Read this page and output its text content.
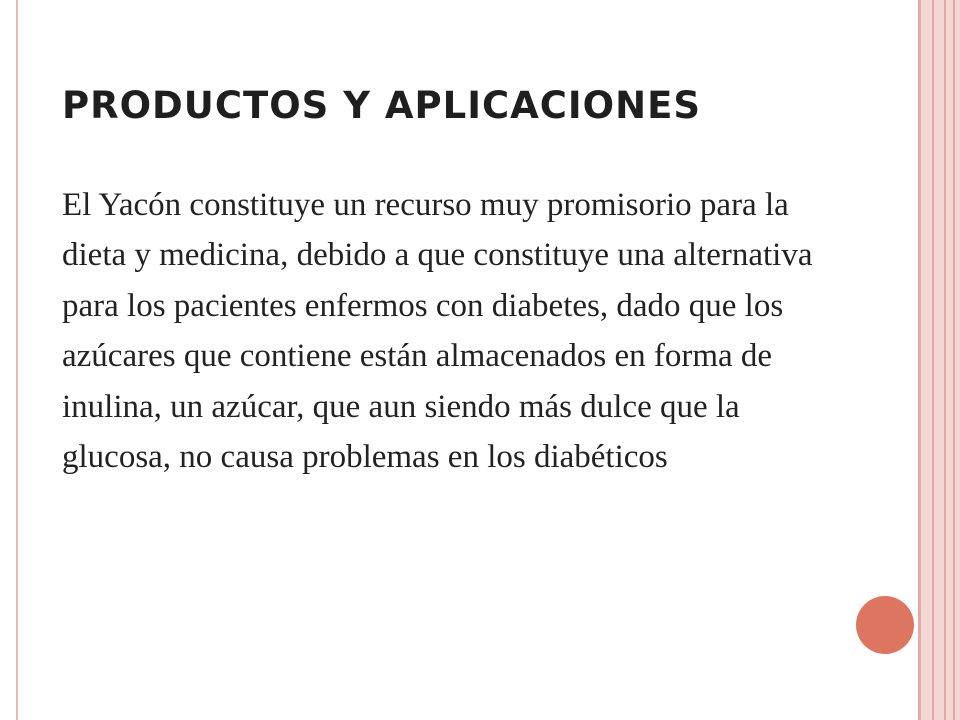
PRODUCTOS Y APLICACIONES

El Yacón constituye un recurso muy promisorio para la dieta y medicina, debido a que constituye una alternativa para los pacientes enfermos con diabetes, dado que los azúcares que contiene están almacenados en forma de inulina, un azúcar, que aun siendo más dulce que la glucosa, no causa problemas en los diabéticos
